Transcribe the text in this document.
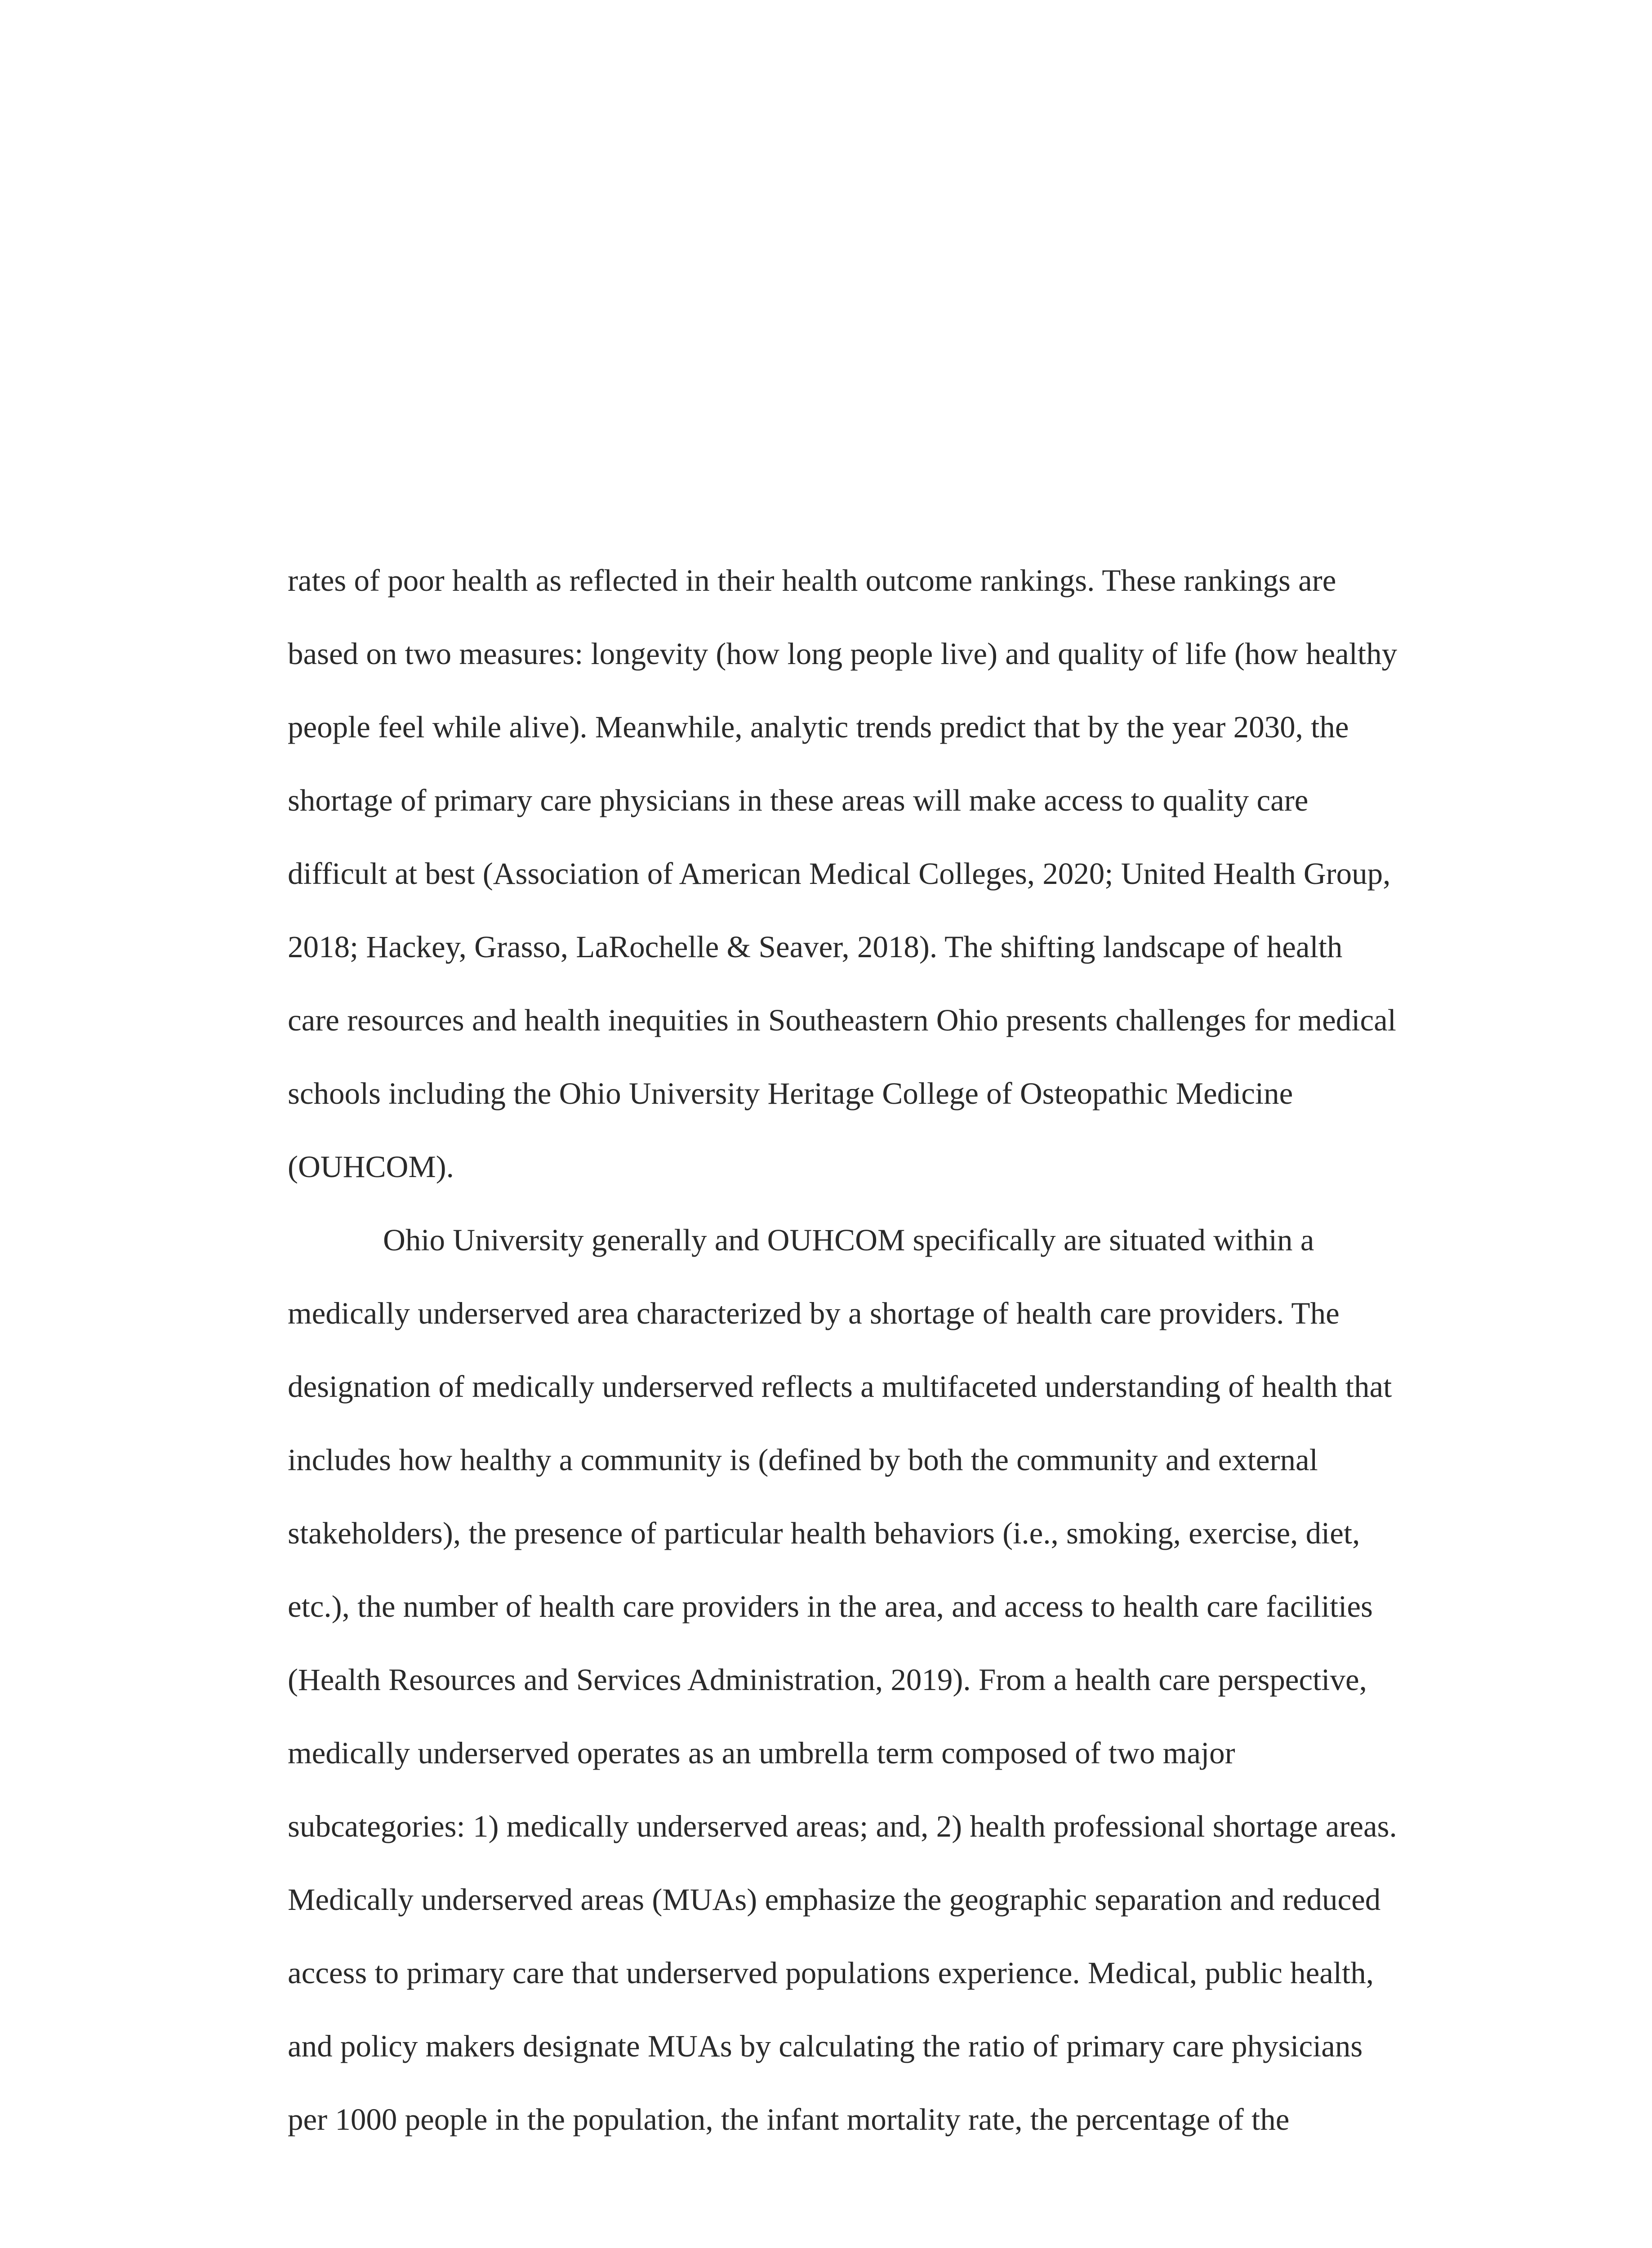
rates of poor health as reflected in their health outcome rankings. These rankings are
based on two measures: longevity (how long people live) and quality of life (how healthy
people feel while alive). Meanwhile, analytic trends predict that by the year 2030, the
shortage of primary care physicians in these areas will make access to quality care
difficult at best (Association of American Medical Colleges, 2020; United Health Group,
2018; Hackey, Grasso, LaRochelle & Seaver, 2018). The shifting landscape of health
care resources and health inequities in Southeastern Ohio presents challenges for medical
schools including the Ohio University Heritage College of Osteopathic Medicine
(OUHCOM).
Ohio University generally and OUHCOM specifically are situated within a
medically underserved area characterized by a shortage of health care providers. The
designation of medically underserved reflects a multifaceted understanding of health that
includes how healthy a community is (defined by both the community and external
stakeholders), the presence of particular health behaviors (i.e., smoking, exercise, diet,
etc.), the number of health care providers in the area, and access to health care facilities
(Health Resources and Services Administration, 2019). From a health care perspective,
medically underserved operates as an umbrella term composed of two major
subcategories: 1) medically underserved areas; and, 2) health professional shortage areas.
Medically underserved areas (MUAs) emphasize the geographic separation and reduced
access to primary care that underserved populations experience. Medical, public health,
and policy makers designate MUAs by calculating the ratio of primary care physicians
per 1000 people in the population, the infant mortality rate, the percentage of the
